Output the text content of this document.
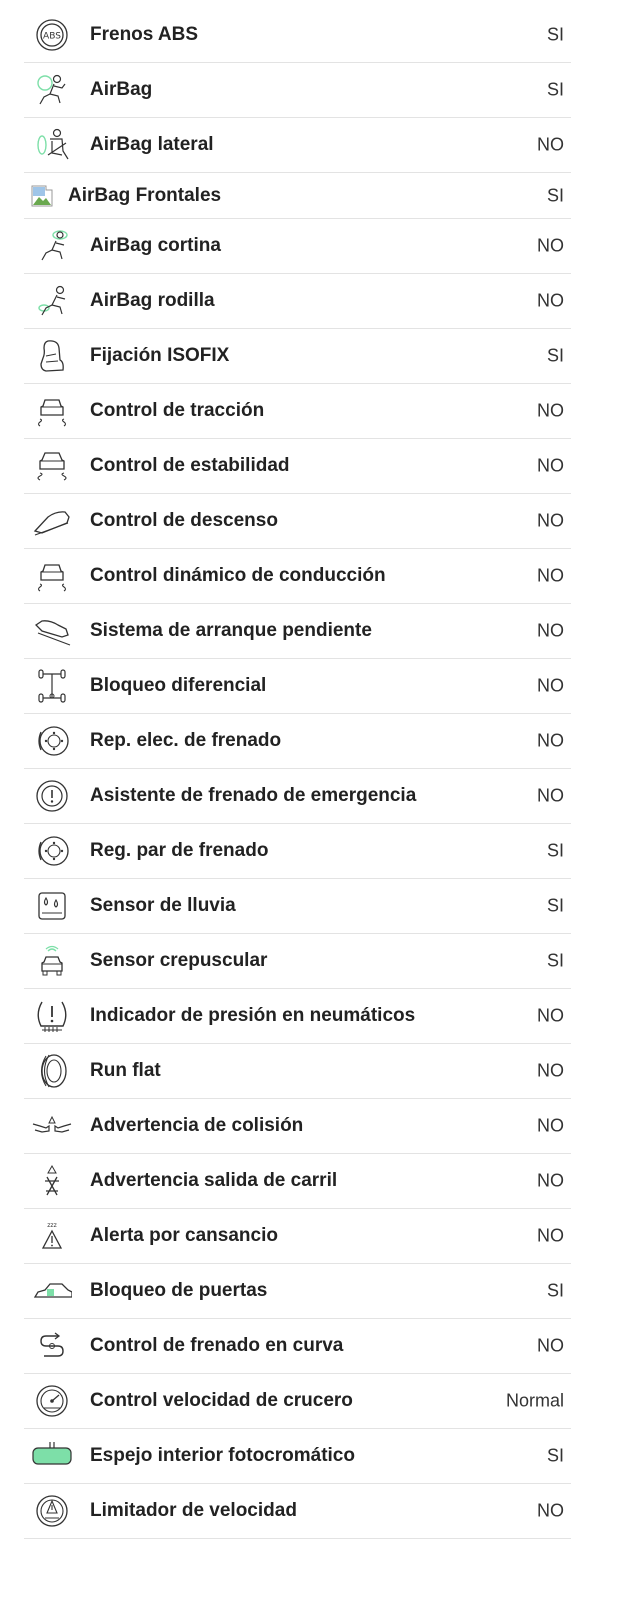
ABS Frenos ABS	SI
AirBag	SI
AirBag lateral	NO
AirBag Frontales	SI
AirBag cortina	NO
AirBag rodilla	NO
Fijación ISOFIX	SI
Control de tracción	NO
Control de estabilidad	NO
Control de descenso	NO
Control dinámico de conducción	NO
Sistema de arranque pendiente	NO
Bloqueo diferencial	NO
Rep. elec. de frenado	NO
Asistente de frenado de emergencia	NO
Reg. par de frenado	SI
Sensor de lluvia	SI
Sensor crepuscular	SI
Indicador de presión en neumáticos	NO
Run flat	NO
Advertencia de colisión	NO
Advertencia salida de carril	NO
zzz Alerta por cansancio	NO
Bloqueo de puertas	SI
Control de frenado en curva	NO
Control velocidad de crucero	Normal
Espejo interior fotocromático	SI
Limitador de velocidad	NO
